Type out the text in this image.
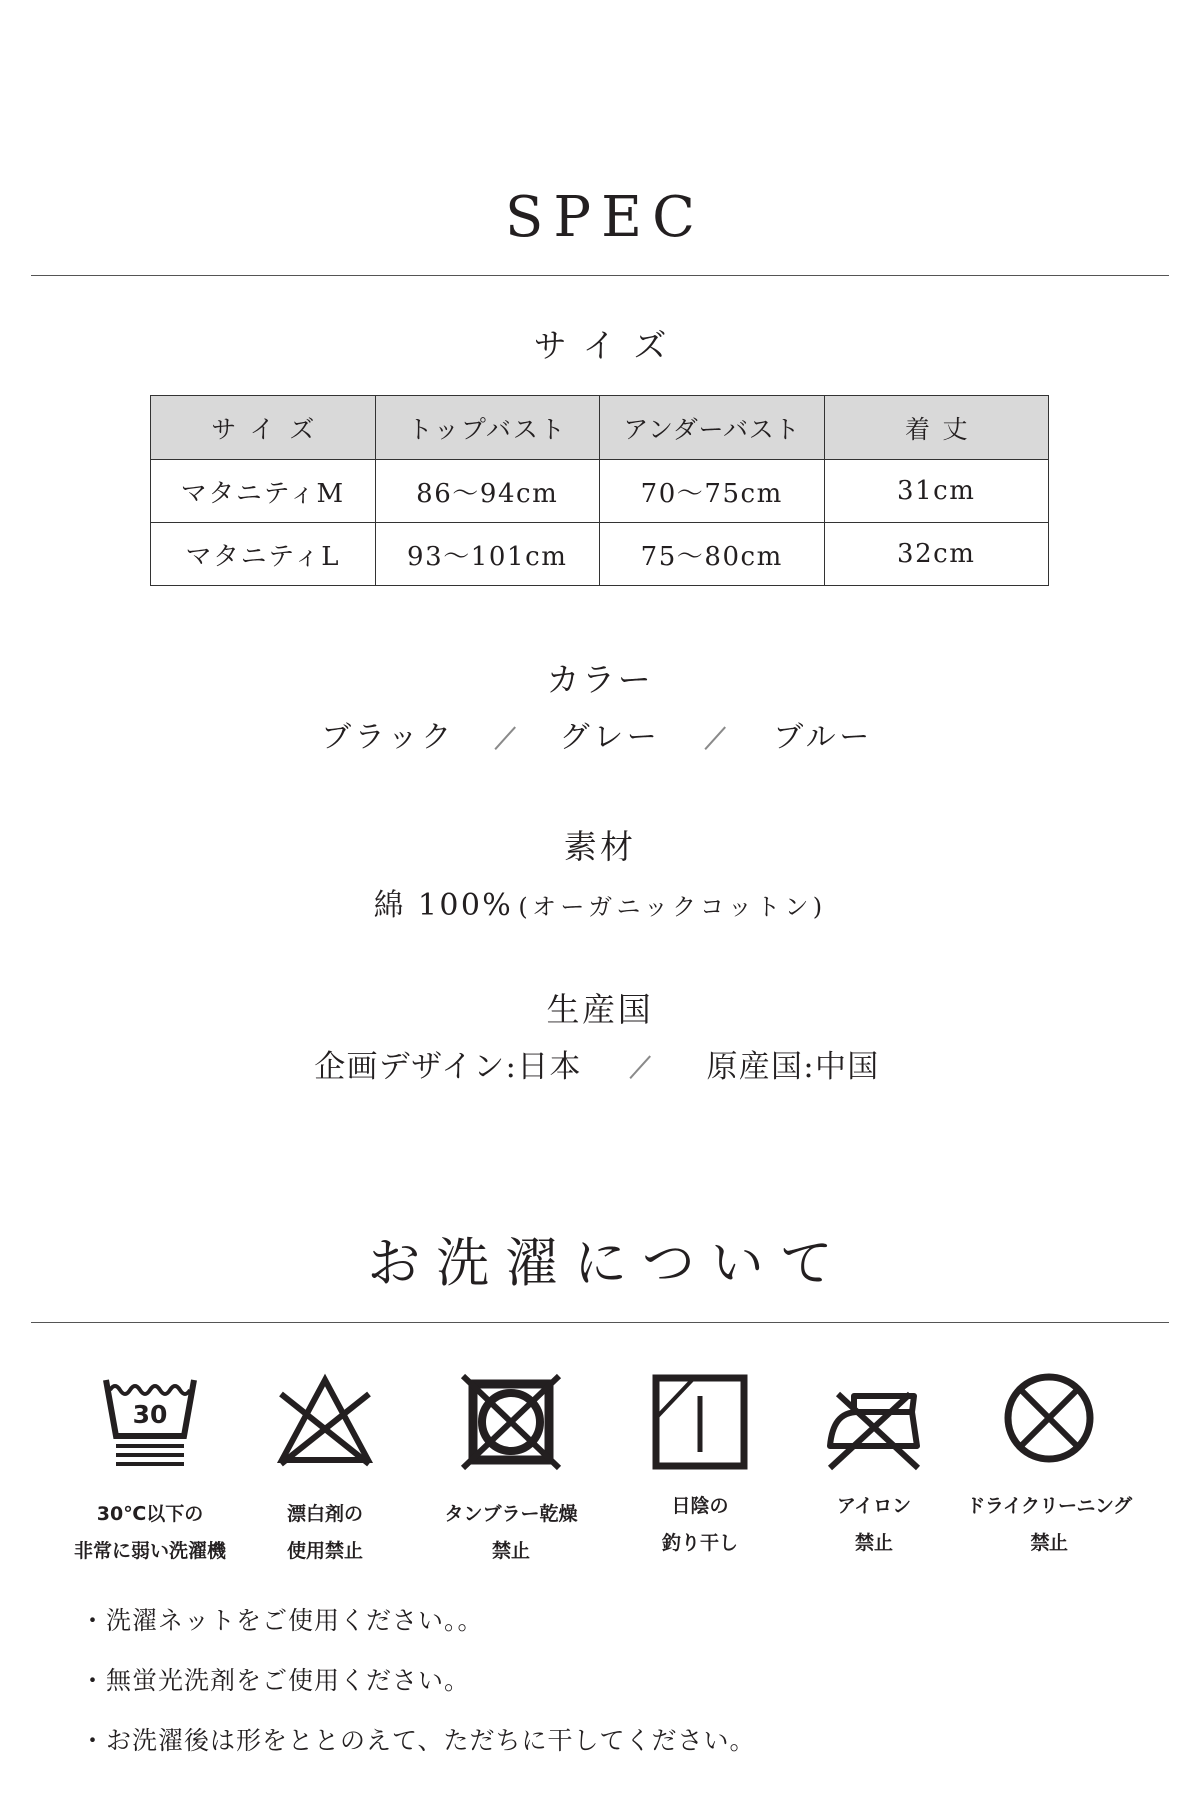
SPEC
サイズ
サイズ	トップバスト	アンダーバスト	着丈
マタニティM	86～94cm	70～75cm	31cm
マタニティL	93～101cm	75～80cm	32cm
カラー
ブラック	グレー	ブルー
素材
綿 100% (オーガニックコットン)
生産国
企画デザイン:日本	原産国:中国
お洗濯について
30
30℃以下の
非常に弱い洗濯機
漂白剤の
使用禁止
タンブラー乾燥
禁止
日陰の
釣り干し
アイロン
禁止
ドライクリーニング
禁止
・洗濯ネットをご使用ください。。
・無蛍光洗剤をご使用ください。
・お洗濯後は形をととのえて、ただちに干してください。
